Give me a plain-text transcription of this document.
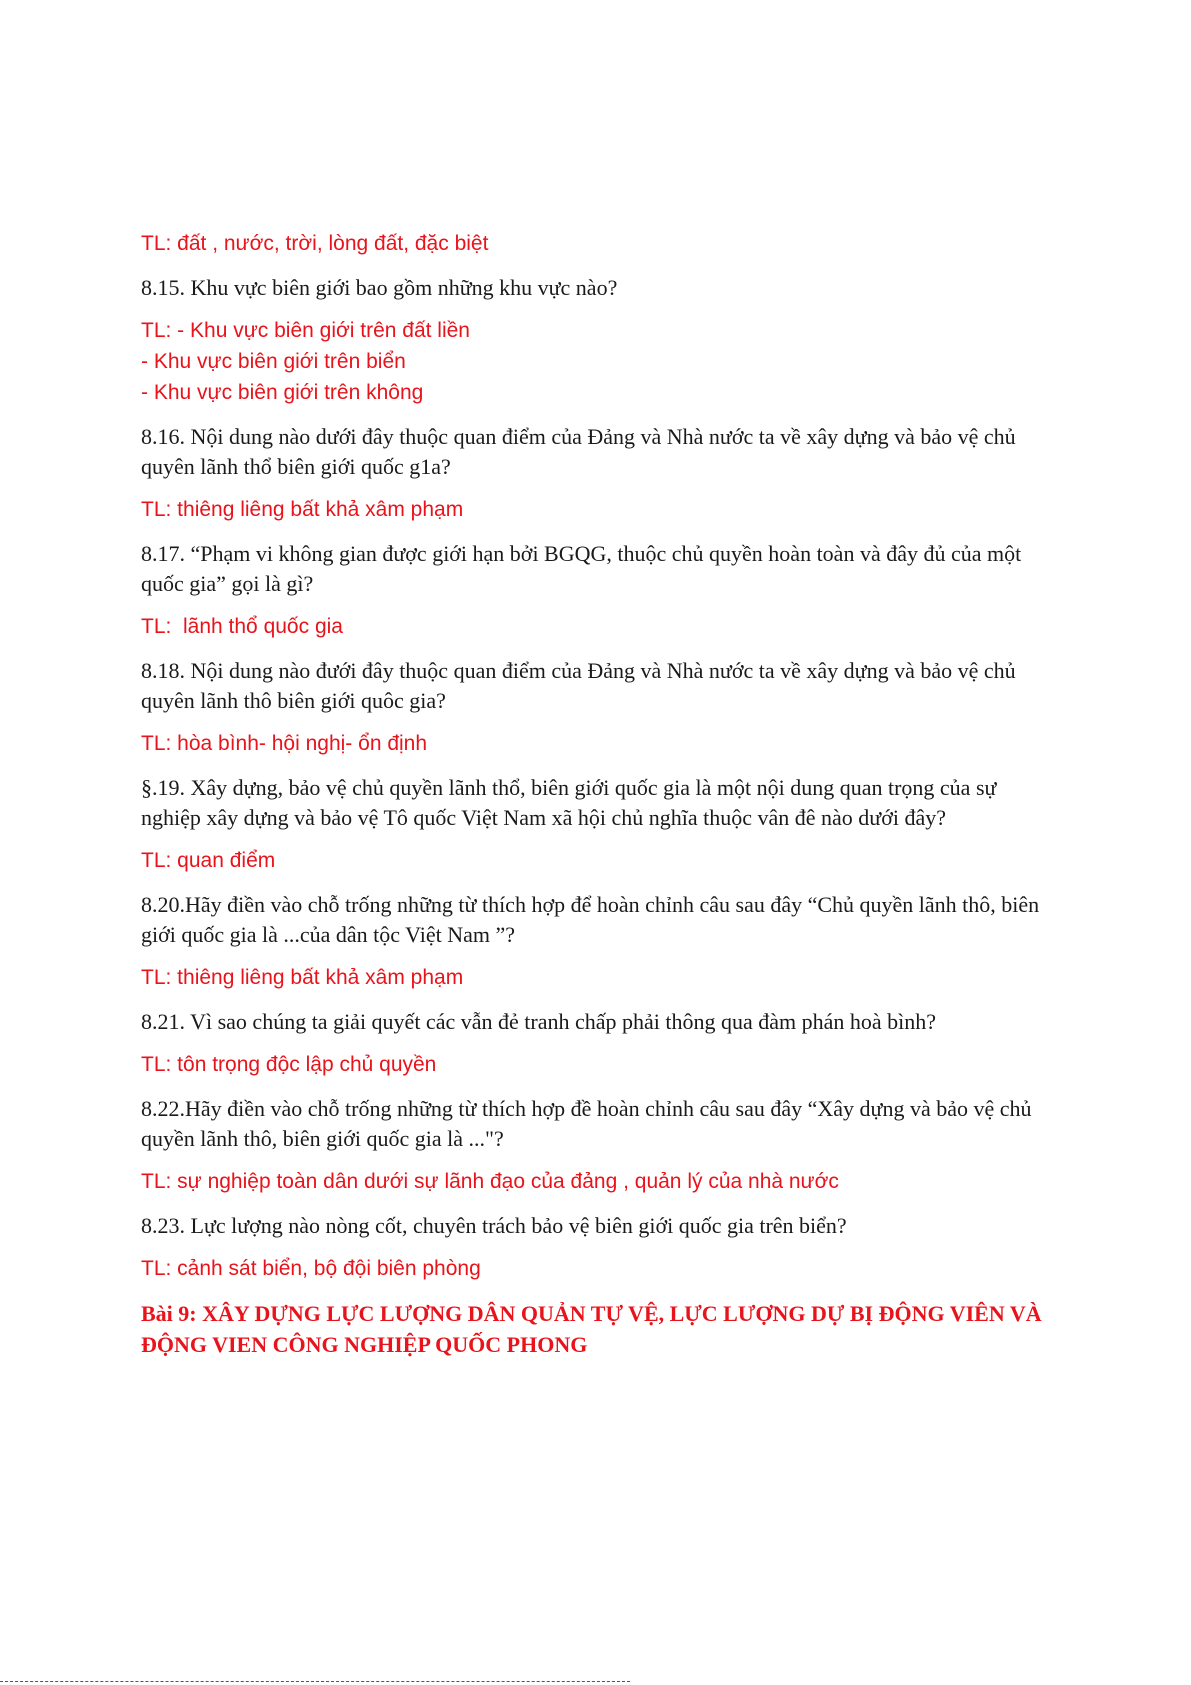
TL: đất , nước, trời, lòng đất, đặc biệt

8.15. Khu vực biên giới bao gồm những khu vực nào?

TL: - Khu vực biên giới trên đất liền
- Khu vực biên giới trên biển
- Khu vực biên giới trên không

8.16. Nội dung nào dưới đây thuộc quan điểm của Đảng và Nhà nước ta về xây dựng và bảo vệ chủ quyên lãnh thổ biên giới quốc g1a?

TL: thiêng liêng bất khả xâm phạm

8.17. “Phạm vi không gian được giới hạn bởi BGQG, thuộc chủ quyền hoàn toàn và đây đủ của một quốc gia” gọi là gì?

TL:  lãnh thổ quốc gia

8.18. Nội dung nào đưới đây thuộc quan điểm của Đảng và Nhà nước ta về xây dựng và bảo vệ chủ quyên lãnh thô biên giới quôc gia?

TL: hòa bình- hội nghị- ổn định

§.19. Xây dựng, bảo vệ chủ quyền lãnh thổ, biên giới quốc gia là một nội dung quan trọng của sự nghiệp xây dựng và bảo vệ Tô quốc Việt Nam xã hội chủ nghĩa thuộc vân đê nào dưới đây?

TL: quan điểm

8.20.Hãy điền vào chỗ trống những từ thích hợp để hoàn chỉnh câu sau đây “Chủ quyền lãnh thô, biên giới quốc gia là ...của dân tộc Việt Nam ”?

TL: thiêng liêng bất khả xâm phạm

8.21. Vì sao chúng ta giải quyết các vẫn đẻ tranh chấp phải thông qua đàm phán hoà bình?

TL: tôn trọng độc lập chủ quyền

8.22.Hãy điền vào chỗ trống những từ thích hợp đề hoàn chỉnh câu sau đây “Xây dựng và bảo vệ chủ quyền lãnh thô, biên giới quốc gia là ..."?

TL: sự nghiệp toàn dân dưới sự lãnh đạo của đảng , quản lý của nhà nước

8.23. Lực lượng nào nòng cốt, chuyên trách bảo vệ biên giới quốc gia trên biển?

TL: cảnh sát biển, bộ đội biên phòng

Bài 9: XÂY DỰNG LỰC LƯỢNG DÂN QUẢN TỰ VỆ, LỰC LƯỢNG DỰ BỊ ĐỘNG VIÊN VÀ ĐỘNG VIEN CÔNG NGHIỆP QUỐC PHONG
